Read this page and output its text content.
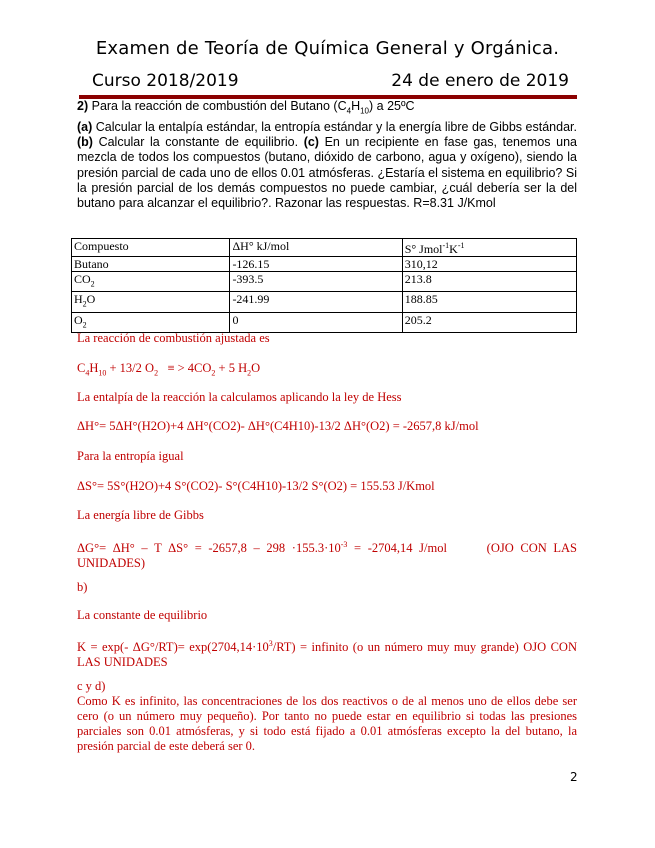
Examen de Teoría de Química General y Orgánica.
Curso 2018/2019	24 de enero de 2019
2) Para la reacción de combustión del Butano $(C_4H_{10})$ a 25ºC
(a) Calcular la entalpía estándar, la entropía estándar y la energía libre de Gibbs estándar. (b) Calcular la constante de equilibrio. (c) En un recipiente en fase gas, tenemos una mezcla de todos los compuestos (butano, dióxido de carbono, agua y oxígeno), siendo la presión parcial de cada uno de ellos 0.01 atmósferas. ¿Estaría el sistema en equilibrio? Si la presión parcial de los demás compuestos no puede cambiar, ¿cuál debería ser la del butano para alcanzar el equilibrio?. Razonar las respuestas. R=8.31 J/Kmol
Compuesto	ΔH° kJ/mol	S° $Jmol^{-1}K^{-1}$
Butano	-126.15	310,12
$CO_2$	-393.5	213.8
$H_2O$	-241.99	188.85
$O_2$	0	205.2
La reacción de combustión ajustada es
$C_4H_{10} + 13/2$ $O_2$   ≡ > $4CO_2 + 5$ $H_2O$
La entalpía de la reacción la calculamos aplicando la ley de Hess
ΔH°= 5ΔH°(H2O)+4 ΔH°(CO2)- ΔH°(C4H10)-13/2 ΔH°(O2) = -2657,8 kJ/mol
Para la entropía igual
ΔS°= 5S°(H2O)+4 S°(CO2)- S°(C4H10)-13/2 S°(O2) = 155.53 J/Kmol
La energía libre de Gibbs
ΔG°= ΔH° – T $\Delta S^\circ = -2657,8 - 298 \cdot 155.3\cdot 10^{-3} = -2704,14$ J/mol      (OJO CON LAS UNIDADES)
b)
La constante de equilibrio
K = exp(- $\Delta G^\circ/RT)= \exp(2704,14\cdot 10^3/RT)$ = infinito (o un número muy muy grande) OJO CON LAS UNIDADES
c y d)
Como K es infinito, las concentraciones de los dos reactivos o de al menos uno de ellos debe ser cero (o un número muy pequeño). Por tanto no puede estar en equilibrio si todas las presiones parciales son 0.01 atmósferas, y si todo está fijado a 0.01 atmósferas excepto la del butano, la presión parcial de este deberá ser 0.
2
